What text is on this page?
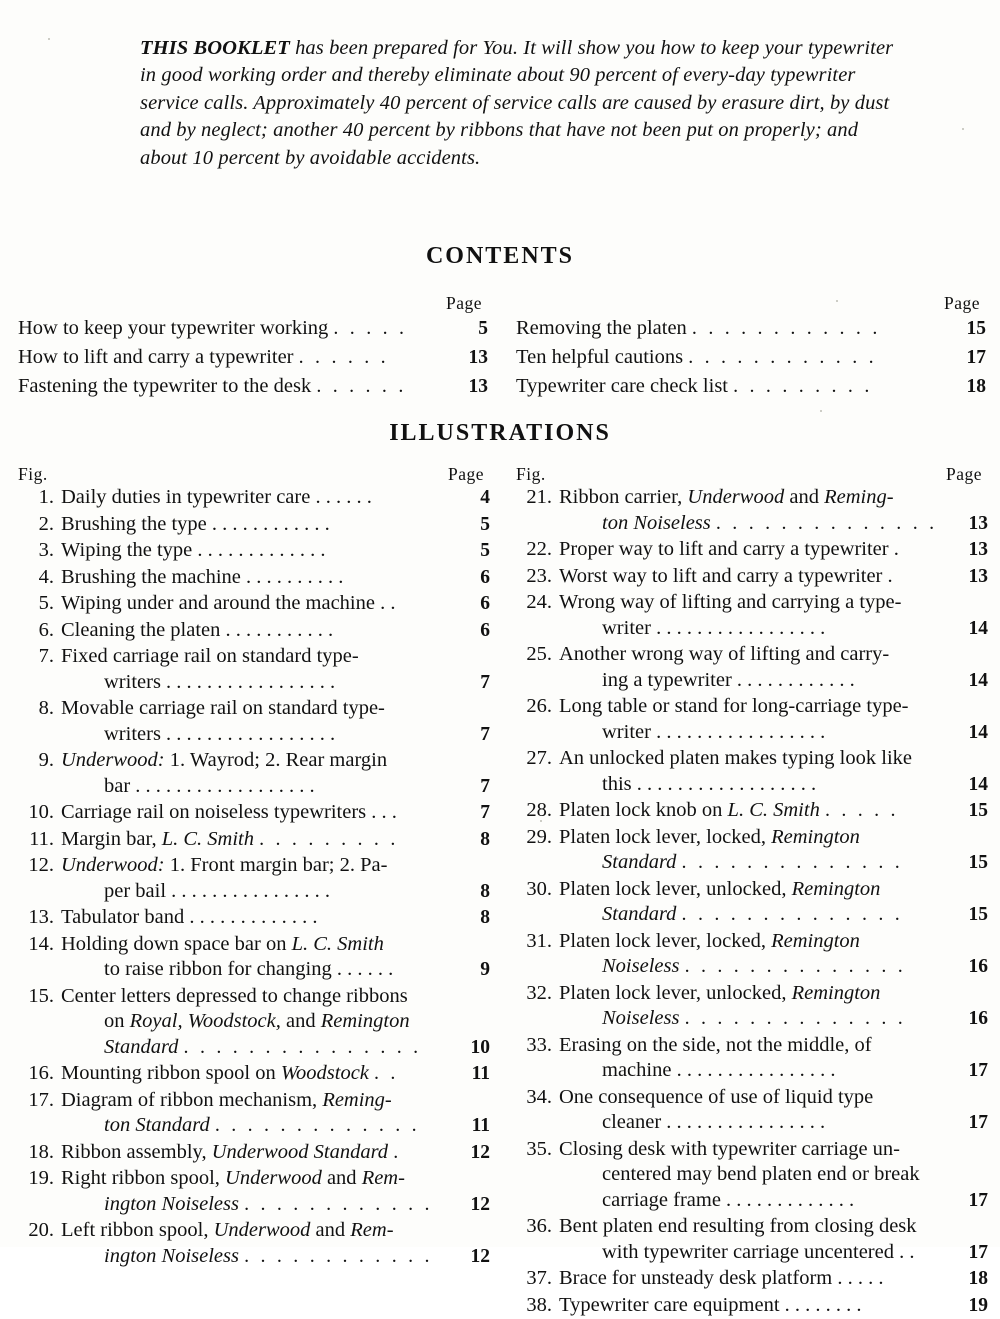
THIS BOOKLET has been prepared for You. It will show you how to keep your typewriter in good working order and thereby eliminate about 90 percent of every-day typewriter service calls. Approximately 40 percent of service calls are caused by erasure dirt, by dust and by neglect; another 40 percent by ribbons that have not been put on properly; and about 10 percent by avoidable accidents.

CONTENTS
Page
How to keep your typewriter working . . . . .	5
How to lift and carry a typewriter . . . . . .	13
Fastening the typewriter to the desk . . . . . .	13
Page
Removing the platen . . . . . . . . . . . .	15
Ten helpful cautions . . . . . . . . . . . .	17
Typewriter care check list . . . . . . . . .	18
ILLUSTRATIONS
Fig.	Page
1. Daily duties in typewriter care . . . . . .	4
2. Brushing the type . . . . . . . . . . . .	5
3. Wiping the type . . . . . . . . . . . . .	5
4. Brushing the machine . . . . . . . . . .	6
5. Wiping under and around the machine . .	6
6. Cleaning the platen . . . . . . . . . . .	6
7. Fixed carriage rail on standard type-
writers . . . . . . . . . . . . . . . . .	7
8. Movable carriage rail on standard type-
writers . . . . . . . . . . . . . . . . .	7
9. Underwood: 1. Wayrod; 2. Rear margin
bar . . . . . . . . . . . . . . . . . .	7
10. Carriage rail on noiseless typewriters . . .	7
11. Margin bar, L. C. Smith . . . . . . . . .	8
12. Underwood: 1. Front margin bar; 2. Pa-
per bail . . . . . . . . . . . . . . . .	8
13. Tabulator band . . . . . . . . . . . . .	8
14. Holding down space bar on L. C. Smith
to raise ribbon for changing . . . . . .	9
15. Center letters depressed to change ribbons
on Royal, Woodstock, and Remington
Standard . . . . . . . . . . . . . . .	10
16. Mounting ribbon spool on Woodstock . .	11
17. Diagram of ribbon mechanism, Reming-
ton Standard . . . . . . . . . . . . .	11
18. Ribbon assembly, Underwood Standard .	12
19. Right ribbon spool, Underwood and Rem-
ington Noiseless . . . . . . . . . . . .	12
20. Left ribbon spool, Underwood and Rem-
ington Noiseless . . . . . . . . . . . .	12
Fig.	Page
21. Ribbon carrier, Underwood and Reming-
ton Noiseless . . . . . . . . . . . . . .	13
22. Proper way to lift and carry a typewriter .	13
23. Worst way to lift and carry a typewriter .	13
24. Wrong way of lifting and carrying a type-
writer . . . . . . . . . . . . . . . . .	14
25. Another wrong way of lifting and carry-
ing a typewriter . . . . . . . . . . . .	14
26. Long table or stand for long-carriage type-
writer . . . . . . . . . . . . . . . . .	14
27. An unlocked platen makes typing look like
this . . . . . . . . . . . . . . . . . .	14
28. Platen lock knob on L. C. Smith . . . . .	15
29. Platen lock lever, locked, Remington
Standard . . . . . . . . . . . . . .	15
30. Platen lock lever, unlocked, Remington
Standard . . . . . . . . . . . . . .	15
31. Platen lock lever, locked, Remington
Noiseless . . . . . . . . . . . . . .	16
32. Platen lock lever, unlocked, Remington
Noiseless . . . . . . . . . . . . . .	16
33. Erasing on the side, not the middle, of
machine . . . . . . . . . . . . . . . .	17
34. One consequence of use of liquid type
cleaner . . . . . . . . . . . . . . . .	17
35. Closing desk with typewriter carriage un-
centered may bend platen end or break
carriage frame . . . . . . . . . . . . .	17
36. Bent platen end resulting from closing desk
with typewriter carriage uncentered . .	17
37. Brace for unsteady desk platform . . . . .	18
38. Typewriter care equipment . . . . . . . .	19
